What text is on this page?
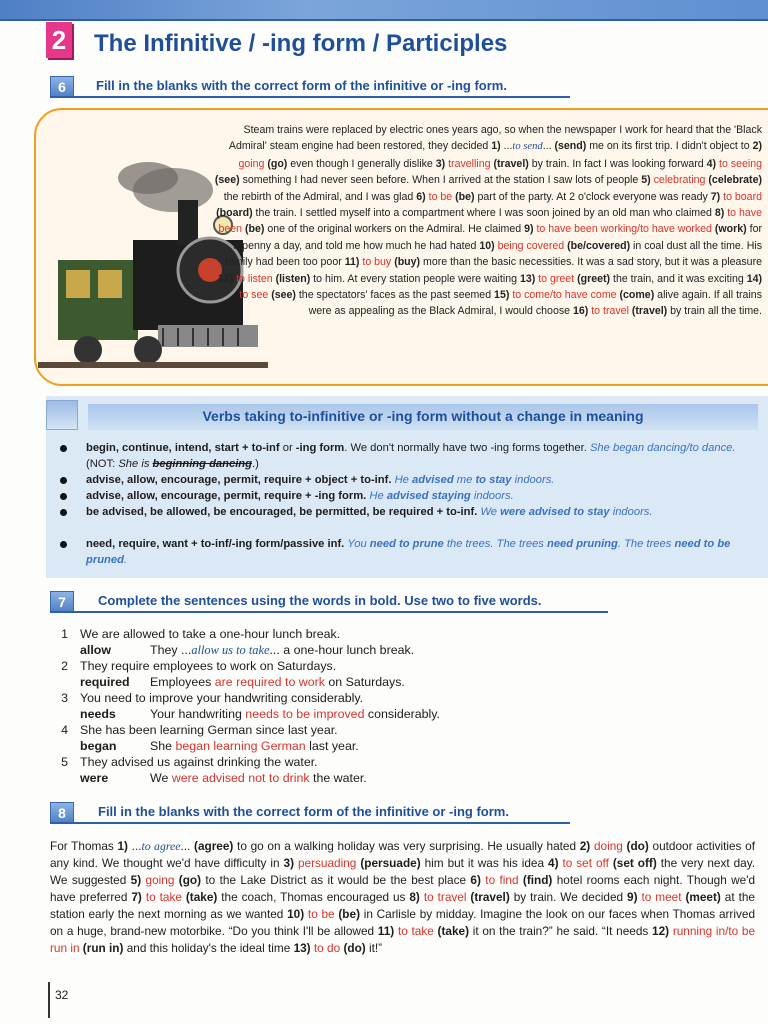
2 The Infinitive / -ing form / Participles
6	Fill in the blanks with the correct form of the infinitive or -ing form.
Steam trains were replaced by electric ones years ago, so when the newspaper I work for heard that the 'Black Admiral' steam engine had been restored, they decided 1) ...to send... (send) me on its first trip. I didn't object to 2) going (go) even though I generally dislike 3) travelling (travel) by train. In fact I was looking forward 4) to seeing (see) something I had never seen before. When I arrived at the station I saw lots of people 5) celebrating (celebrate) the rebirth of the Admiral, and I was glad 6) to be (be) part of the party. At 2 o'clock everyone was ready 7) to board (board) the train. I settled myself into a compartment where I was soon joined by an old man who claimed 8) to have been (be) one of the original workers on the Admiral. He claimed 9) to have been working/to have worked (work) for a penny a day, and told me how much he had hated 10) being covered (be/covered) in coal dust all the time. His family had been too poor 11) to buy (buy) more than the basic necessities. It was a sad story, but it was a pleasure 12) to listen (listen) to him. At every station people were waiting 13) to greet (greet) the train, and it was exciting 14) to see (see) the spectators' faces as the past seemed 15) to come/to have come (come) alive again. If all trains were as appealing as the Black Admiral, I would choose 16) to travel (travel) by train all the time.
Verbs taking to-infinitive or -ing form without a change in meaning
begin, continue, intend, start + to-inf or -ing form. We don't normally have two -ing forms together. She began dancing/to dance. (NOT: She is beginning dancing.)
advise, allow, encourage, permit, require + object + to-inf. He advised me to stay indoors.
advise, allow, encourage, permit, require + -ing form. He advised staying indoors.
be advised, be allowed, be encouraged, be permitted, be required + to-inf. We were advised to stay indoors.
need, require, want + to-inf/-ing form/passive inf. You need to prune the trees. The trees need pruning. The trees need to be pruned.
7	Complete the sentences using the words in bold. Use two to five words.
1 We are allowed to take a one-hour lunch break.
allow	They ...allow us to take... a one-hour lunch break.
2 They require employees to work on Saturdays.
required Employees are required to work on Saturdays.
3 You need to improve your handwriting considerably.
needs	Your handwriting needs to be improved considerably.
4 She has been learning German since last year.
began	She began learning German last year.
5 They advised us against drinking the water.
were	We were advised not to drink the water.
8	Fill in the blanks with the correct form of the infinitive or -ing form.
For Thomas 1) ...to agree... (agree) to go on a walking holiday was very surprising. He usually hated 2) doing (do) outdoor activities of any kind. We thought we'd have difficulty in 3) persuading (persuade) him but it was his idea 4) to set off (set off) the very next day. We suggested 5) going (go) to the Lake District as it would be the best place 6) to find (find) hotel rooms each night. Though we'd have preferred 7) to take (take) the coach, Thomas encouraged us 8) to travel (travel) by train. We decided 9) to meet (meet) at the station early the next morning as we wanted 10) to be (be) in Carlisle by midday. Imagine the look on our faces when Thomas arrived on a huge, brand-new motorbike. “Do you think I'll be allowed 11) to take (take) it on the train?” he said. “It needs 12) running in/to be run in (run in) and this holiday's the ideal time 13) to do (do) it!”
32
